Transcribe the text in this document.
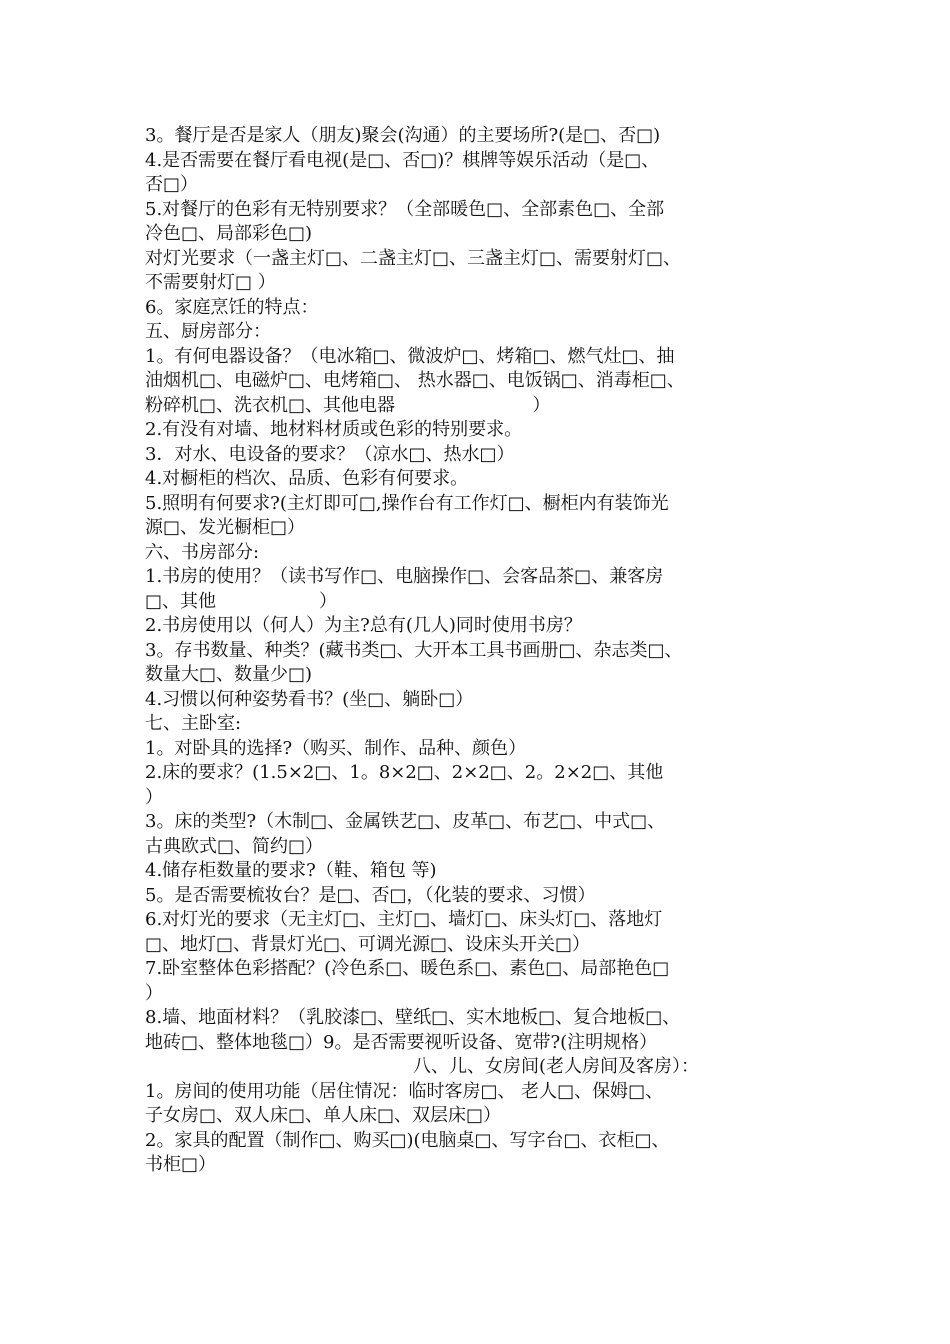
3。餐厅是否是家人（朋友)聚会(沟通）的主要场所?(是□、否□)
4.是否需要在餐厅看电视(是□、否□)？棋牌等娱乐活动（是□、
否□）
5.对餐厅的色彩有无特别要求？（全部暖色□、全部素色□、全部
冷色□、局部彩色□)
对灯光要求（一盏主灯□、二盏主灯□、三盏主灯□、需要射灯□、
不需要射灯□ ）
6。家庭烹饪的特点：
五、厨房部分：
1。有何电器设备？（电冰箱□、微波炉□、烤箱□、燃气灶□、抽
油烟机□、电磁炉□、电烤箱□、 热水器□、电饭锅□、消毒柜□、
粉碎机□、洗衣机□、其他电器                        ）
2.有没有对墙、地材料材质或色彩的特别要求。
3．对水、电设备的要求？（凉水□、热水□）
4.对橱柜的档次、品质、色彩有何要求。
5.照明有何要求?(主灯即可□,操作台有工作灯□、橱柜内有装饰光
源□、发光橱柜□）
六、书房部分:
1.书房的使用？（读书写作□、电脑操作□、会客品茶□、兼客房
□、其他                  ）
2.书房使用以（何人）为主?总有(几人)同时使用书房？
3。存书数量、种类？(藏书类□、大开本工具书画册□、杂志类□、
数量大□、数量少□)
4.习惯以何种姿势看书？(坐□、躺卧□）
七、主卧室:
1。对卧具的选择?（购买、制作、品种、颜色）
2.床的要求？(1.5×2□、1。8×2□、2×2□、2。2×2□、其他
）
3。床的类型?（木制□、金属铁艺□、皮革□、布艺□、中式□、
古典欧式□、简约□）
4.储存柜数量的要求?（鞋、箱包 等)
5。是否需要梳妆台？是□、否□，（化装的要求、习惯）
6.对灯光的要求（无主灯□、主灯□、墙灯□、床头灯□、落地灯
□、地灯□、背景灯光□、可调光源□、设床头开关□）
7.卧室整体色彩搭配？(冷色系□、暖色系□、素色□、局部艳色□
）
8.墙、地面材料？（乳胶漆□、壁纸□、实木地板□、复合地板□、
地砖□、整体地毯□）9。是否需要视听设备、宽带?(注明规格）
八、儿、女房间(老人房间及客房）：
1。房间的使用功能（居住情况：临时客房□、 老人□、保姆□、
子女房□、双人床□、单人床□、双层床□）
2。家具的配置（制作□、购买□)(电脑桌□、写字台□、衣柜□、
书柜□）
